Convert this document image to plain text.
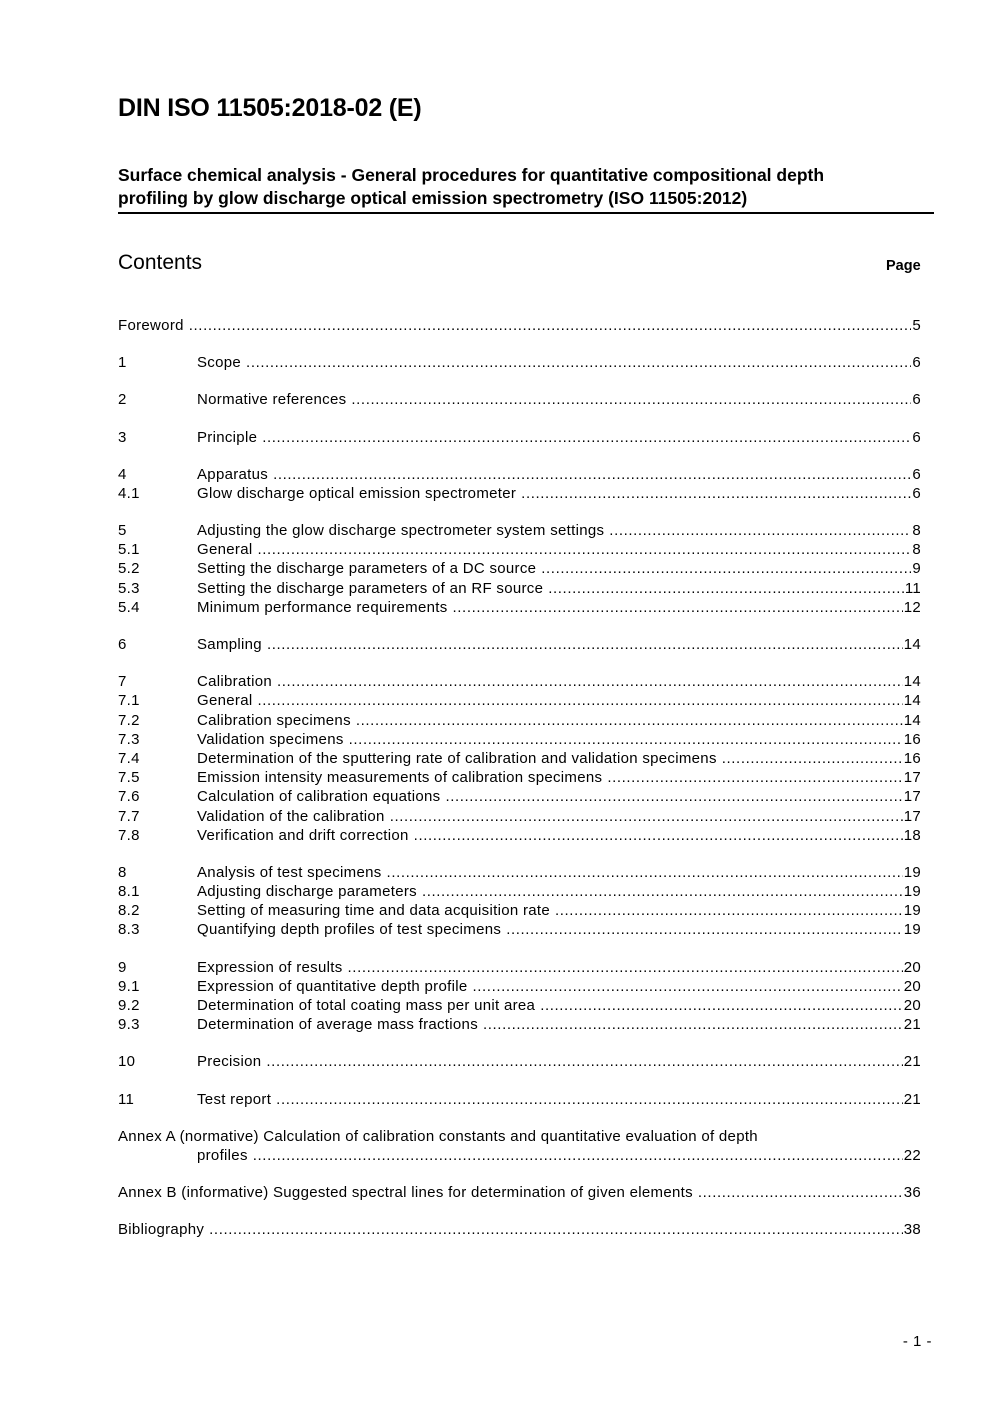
DIN ISO 11505:2018-02 (E)
Surface chemical analysis - General procedures for quantitative compositional depth
profiling by glow discharge optical emission spectrometry (ISO 11505:2012)
Contents	Page
Foreword .....	5
1	Scope .....	6
2	Normative references .....	6
3	Principle .....	6
4	Apparatus .....	6
4.1	Glow discharge optical emission spectrometer .....	6
5	Adjusting the glow discharge spectrometer system settings .....	8
5.1	General .....	8
5.2	Setting the discharge parameters of a DC source .....	9
5.3	Setting the discharge parameters of an RF source .....	11
5.4	Minimum performance requirements .....	12
6	Sampling .....	14
7	Calibration .....	14
7.1	General .....	14
7.2	Calibration specimens .....	14
7.3	Validation specimens .....	16
7.4	Determination of the sputtering rate of calibration and validation specimens .....	16
7.5	Emission intensity measurements of calibration specimens .....	17
7.6	Calculation of calibration equations .....	17
7.7	Validation of the calibration .....	17
7.8	Verification and drift correction .....	18
8	Analysis of test specimens .....	19
8.1	Adjusting discharge parameters .....	19
8.2	Setting of measuring time and data acquisition rate .....	19
8.3	Quantifying depth profiles of test specimens .....	19
9	Expression of results .....	20
9.1	Expression of quantitative depth profile .....	20
9.2	Determination of total coating mass per unit area .....	20
9.3	Determination of average mass fractions .....	21
10	Precision .....	21
11	Test report .....	21
Annex A (normative) Calculation of calibration constants and quantitative evaluation of depth
profiles .....	22
Annex B (informative) Suggested spectral lines for determination of given elements .....	36
Bibliography .....	38
- 1 -
